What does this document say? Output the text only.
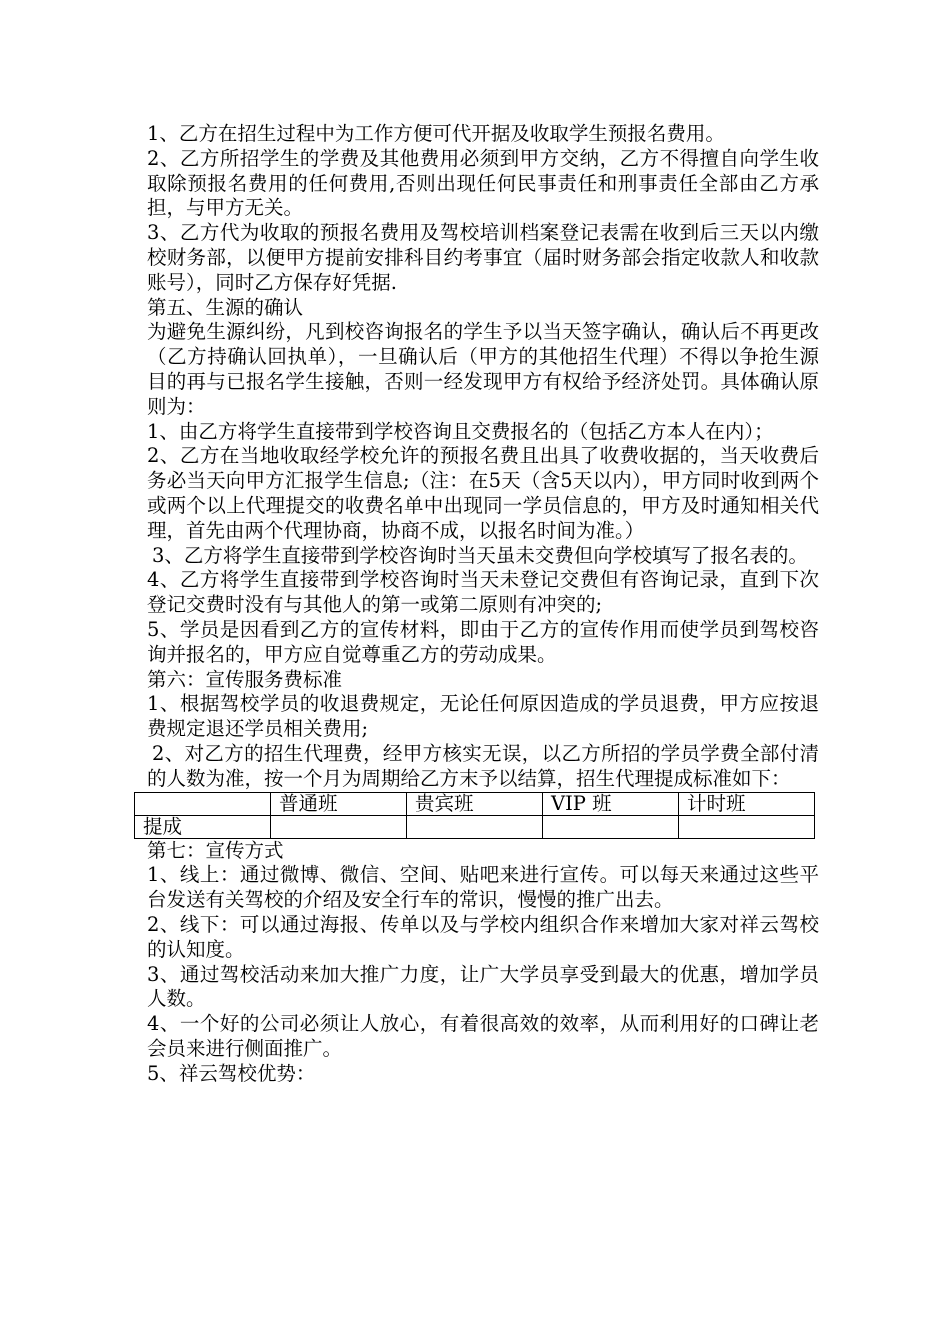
1、乙方在招生过程中为工作方便可代开据及收取学生预报名费用。

2、乙方所招学生的学费及其他费用必须到甲方交纳，乙方不得擅自向学生收取除预报名费用的任何费用,否则出现任何民事责任和刑事责任全部由乙方承担，与甲方无关。

3、乙方代为收取的预报名费用及驾校培训档案登记表需在收到后三天以内缴校财务部，以便甲方提前安排科目约考事宜（届时财务部会指定收款人和收款账号），同时乙方保存好凭据.

第五、生源的确认

为避免生源纠纷，凡到校咨询报名的学生予以当天签字确认，确认后不再更改（乙方持确认回执单），一旦确认后（甲方的其他招生代理）不得以争抢生源目的再与已报名学生接触，否则一经发现甲方有权给予经济处罚。具体确认原则为：

1、由乙方将学生直接带到学校咨询且交费报名的（包括乙方本人在内）；

2、乙方在当地收取经学校允许的预报名费且出具了收费收据的，当天收费后务必当天向甲方汇报学生信息;（注：在5天（含5天以内），甲方同时收到两个或两个以上代理提交的收费名单中出现同一学员信息的，甲方及时通知相关代理，首先由两个代理协商，协商不成，以报名时间为准。）

3、乙方将学生直接带到学校咨询时当天虽未交费但向学校填写了报名表的。

4、乙方将学生直接带到学校咨询时当天未登记交费但有咨询记录，直到下次登记交费时没有与其他人的第一或第二原则有冲突的;

5、学员是因看到乙方的宣传材料，即由于乙方的宣传作用而使学员到驾校咨询并报名的，甲方应自觉尊重乙方的劳动成果。

第六：宣传服务费标准

1、根据驾校学员的收退费规定，无论任何原因造成的学员退费，甲方应按退费规定退还学员相关费用;

2、对乙方的招生代理费，经甲方核实无误，以乙方所招的学员学费全部付清的人数为准，按一个月为周期给乙方末予以结算，招生代理提成标准如下：

	普通班	贵宾班	VIP 班	计时班
提成				

第七：宣传方式

1、线上：通过微博、微信、空间、贴吧来进行宣传。可以每天来通过这些平台发送有关驾校的介绍及安全行车的常识，慢慢的推广出去。

2、线下：可以通过海报、传单以及与学校内组织合作来增加大家对祥云驾校的认知度。

3、通过驾校活动来加大推广力度，让广大学员享受到最大的优惠，增加学员人数。

4、一个好的公司必须让人放心，有着很高效的效率，从而利用好的口碑让老会员来进行侧面推广。

5、祥云驾校优势：
